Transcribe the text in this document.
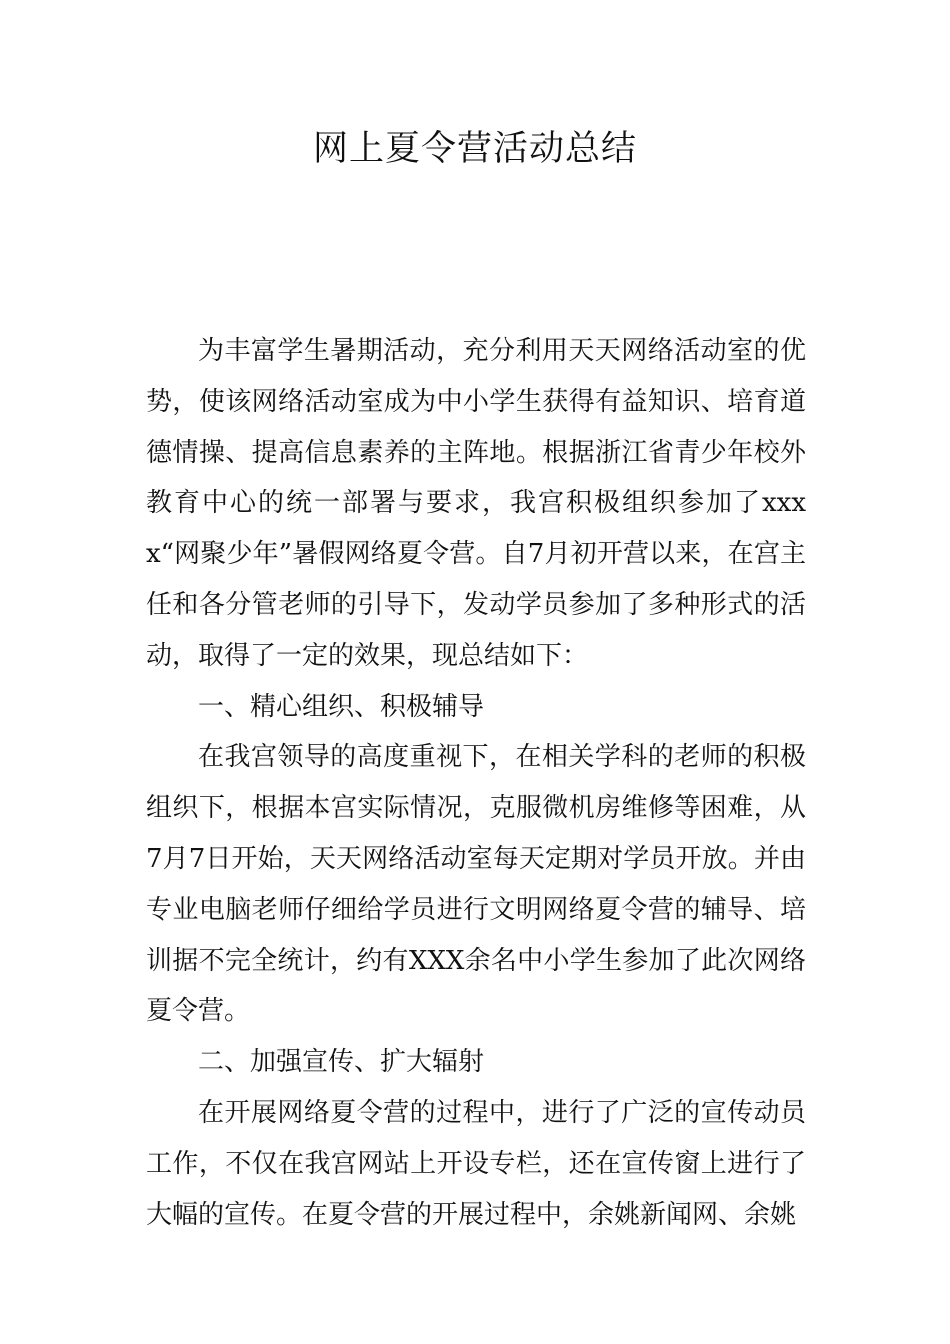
网上夏令营活动总结

为丰富学生暑期活动，充分利用天天网络活动室的优势，使该网络活动室成为中小学生获得有益知识、培育道德情操、提高信息素养的主阵地。根据浙江省青少年校外教育中心的统一部署与要求，我宫积极组织参加了xxxx“网聚少年”暑假网络夏令营。自7月初开营以来，在宫主任和各分管老师的引导下，发动学员参加了多种形式的活动，取得了一定的效果，现总结如下：

一、精心组织、积极辅导

在我宫领导的高度重视下，在相关学科的老师的积极组织下，根据本宫实际情况，克服微机房维修等困难，从7月7日开始，天天网络活动室每天定期对学员开放。并由专业电脑老师仔细给学员进行文明网络夏令营的辅导、培训据不完全统计，约有XXX余名中小学生参加了此次网络夏令营。

二、加强宣传、扩大辐射

在开展网络夏令营的过程中，进行了广泛的宣传动员工作，不仅在我宫网站上开设专栏，还在宣传窗上进行了大幅的宣传。在夏令营的开展过程中，余姚新闻网、余姚
